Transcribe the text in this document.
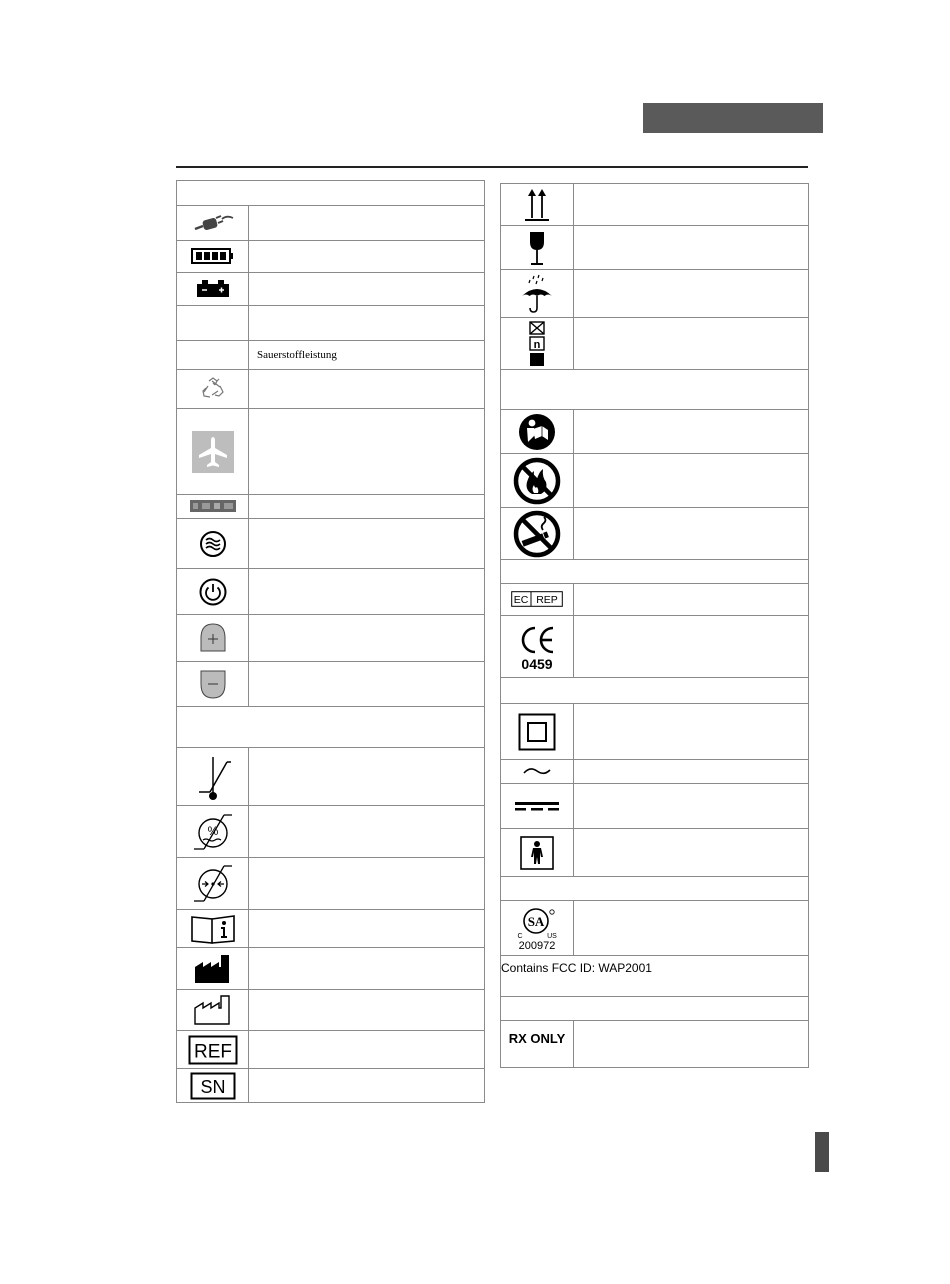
	Sauerstoffleistung

%	

REF	

SN	

n	

EC REP	

0459	

SA
C US
200972	

Contains FCC ID: WAP2001	

RX ONLY	
